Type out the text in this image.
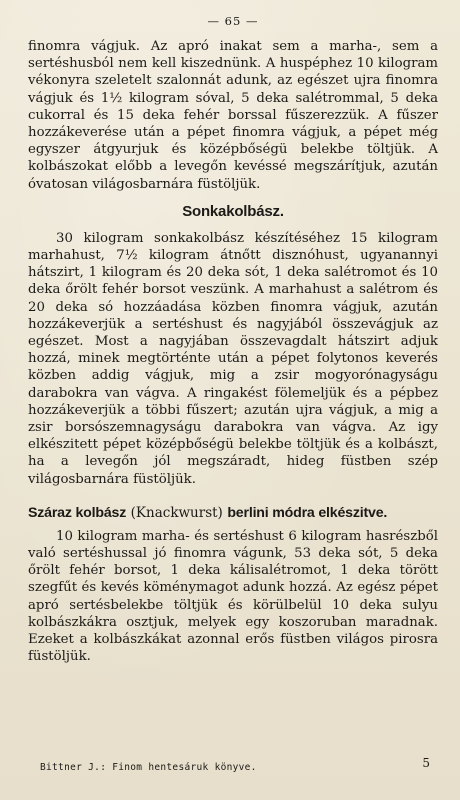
— 65 —

finomra vágjuk. Az apró inakat sem a marha-, sem a sertéshusból nem kell kiszednünk. A huspéphez 10 kilogram vékonyra szeletelt szalonnát adunk, az egészet ujra finomra vágjuk és 1½ kilogram sóval, 5 deka salétrommal, 5 deka cukorral és 15 deka fehér borssal fűszerezzük. A fűszer hozzákeverése után a pépet finomra vágjuk, a pépet még egyszer átgyurjuk és középbőségü belekbe töltjük. A kolbászokat előbb a levegőn kevéssé megszárítjuk, azután óvatosan világosbarnára füstöljük.

Sonkakolbász.

30 kilogram sonkakolbász készítéséhez 15 kilogram marhahust, 7½ kilogram átnőtt disznóhust, ugyanannyi hátszirt, 1 kilogram és 20 deka sót, 1 deka salétromot és 10 deka őrölt fehér borsot veszünk. A marhahust a salétrom és 20 deka só hozzáadása közben finomra vágjuk, azután hozzákeverjük a sertéshust és nagyjából összevágjuk az egészet. Most a nagyjában összevagdalt hátszirt adjuk hozzá, minek megtörténte után a pépet folytonos keverés közben addig vágjuk, mig a zsir mogyorónagyságu darabokra van vágva. A ringakést fölemeljük és a pépbez hozzákeverjük a többi fűszert; azután ujra vágjuk, a mig a zsir borsószemnagyságu darabokra van vágva. Az igy elkészitett pépet középbőségü belekbe töltjük és a kolbászt, ha a levegőn jól megszáradt, hideg füstben szép világosbarnára füstöljük.

Száraz kolbász (Knackwurst) berlini módra elkészitve.

10 kilogram marha- és sertéshust 6 kilogram hasrészből való sertéshussal jó finomra vágunk, 53 deka sót, 5 deka őrölt fehér borsot, 1 deka kálisalétromot, 1 deka törött szegfűt és kevés köménymagot adunk hozzá. Az egész pépet apró sertésbelekbe töltjük és körülbelül 10 deka sulyu kolbászkákra osztjuk, melyek egy koszoruban maradnak. Ezeket a kolbászkákat azonnal erős füstben világos pirosra füstöljük.

5
Bittner J.: Finom hentesáruk könyve.
